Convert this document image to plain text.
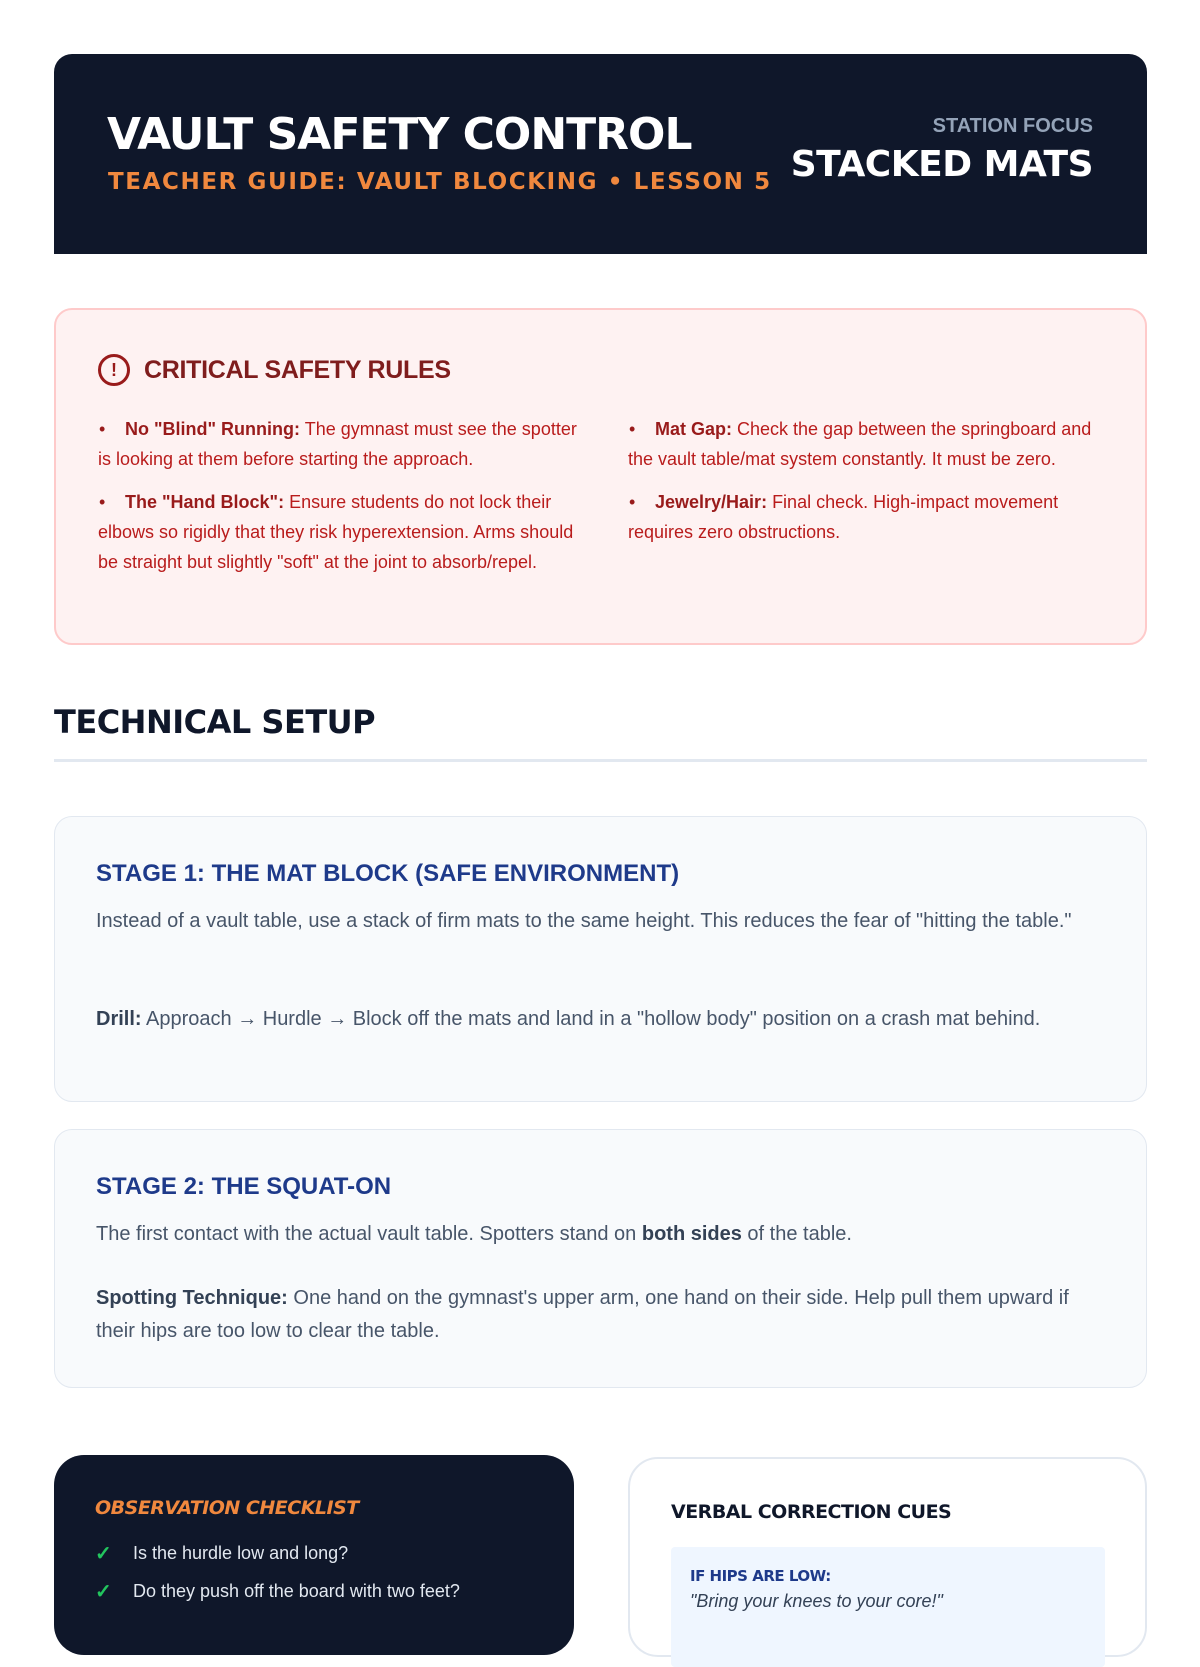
VAULT SAFETY CONTROL
TEACHER GUIDE: VAULT BLOCKING • LESSON 5
STATION FOCUS
STACKED MATS
!	CRITICAL SAFETY RULES
• No "Blind" Running: The gymnast must see the spotter is looking at them before starting the approach.
• The "Hand Block": Ensure students do not lock their elbows so rigidly that they risk hyperextension. Arms should be straight but slightly "soft" at the joint to absorb/repel.
• Mat Gap: Check the gap between the springboard and the vault table/mat system constantly. It must be zero.
• Jewelry/Hair: Final check. High-impact movement requires zero obstructions.
TECHNICAL SETUP
STAGE 1: THE MAT BLOCK (SAFE ENVIRONMENT)
Instead of a vault table, use a stack of firm mats to the same height. This reduces the fear of "hitting the table."
Drill: Approach → Hurdle → Block off the mats and land in a "hollow body" position on a crash mat behind.
STAGE 2: THE SQUAT-ON
The first contact with the actual vault table. Spotters stand on both sides of the table.
Spotting Technique: One hand on the gymnast's upper arm, one hand on their side. Help pull them upward if their hips are too low to clear the table.
OBSERVATION CHECKLIST
✓	Is the hurdle low and long?
✓	Do they push off the board with two feet?
VERBAL CORRECTION CUES
IF HIPS ARE LOW:
"Bring your knees to your core!"
